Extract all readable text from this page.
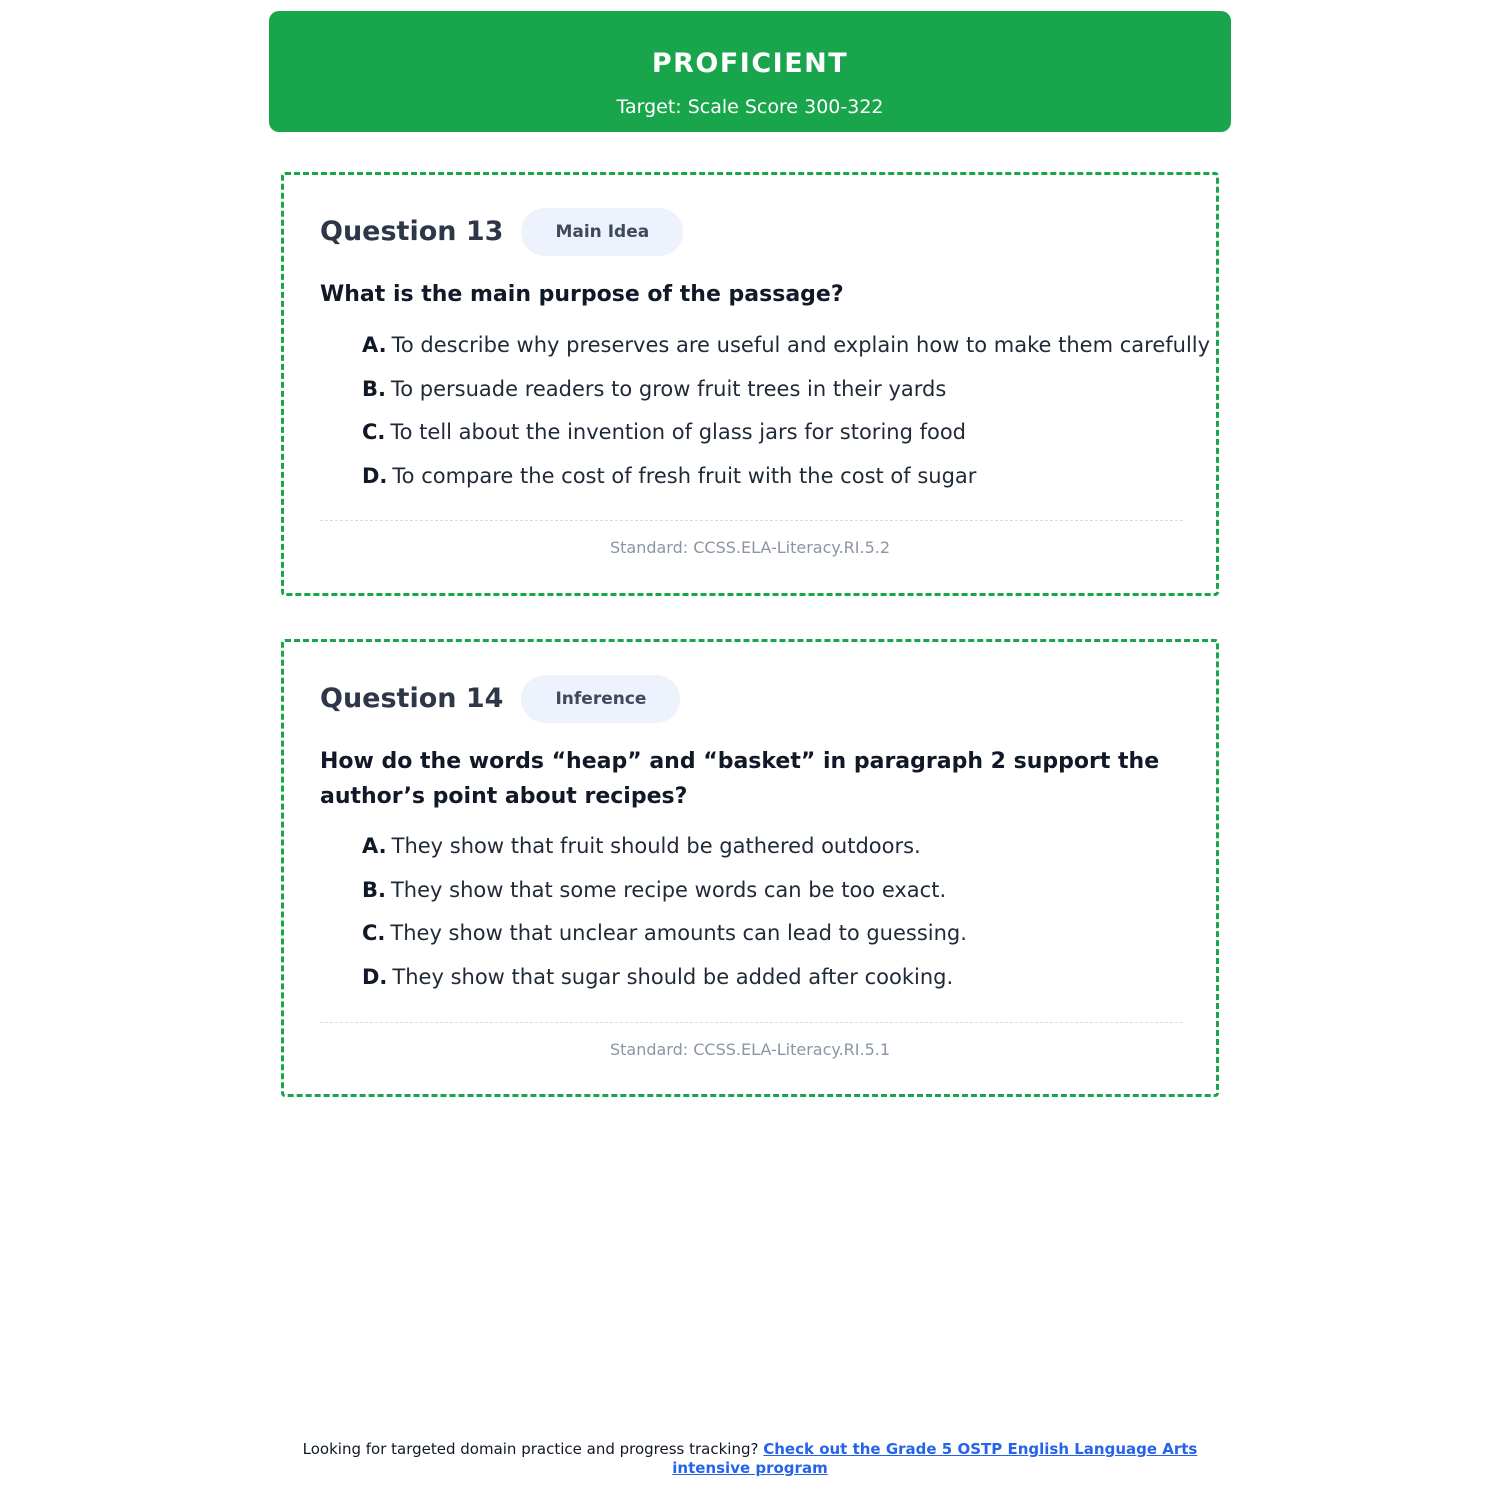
PROFICIENT
Target: Scale Score 300-322
Question 13	Main Idea
What is the main purpose of the passage?
A. To describe why preserves are useful and explain how to make them carefully
B. To persuade readers to grow fruit trees in their yards
C. To tell about the invention of glass jars for storing food
D. To compare the cost of fresh fruit with the cost of sugar
Standard: CCSS.ELA-Literacy.RI.5.2
Question 14	Inference
How do the words “heap” and “basket” in paragraph 2 support the author’s point about recipes?
A. They show that fruit should be gathered outdoors.
B. They show that some recipe words can be too exact.
C. They show that unclear amounts can lead to guessing.
D. They show that sugar should be added after cooking.
Standard: CCSS.ELA-Literacy.RI.5.1
Looking for targeted domain practice and progress tracking? Check out the Grade 5 OSTP English Language Arts intensive program
